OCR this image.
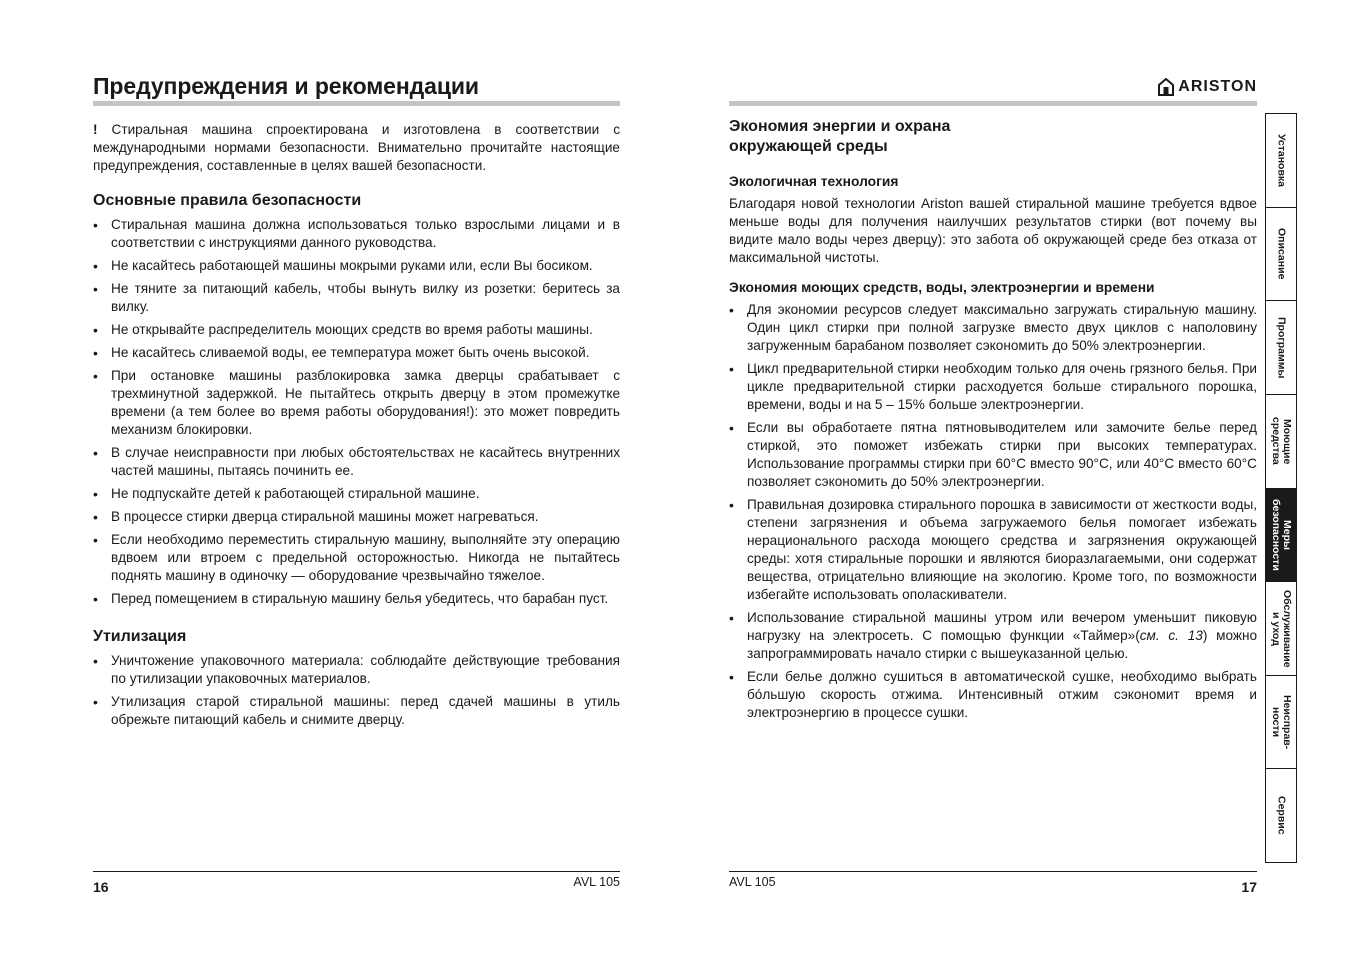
Предупреждения и рекомендации

! Стиральная машина спроектирована и изготовлена в соответствии с международными нормами безопасности. Внимательно прочитайте настоящие предупреждения, составленные в целях вашей безопасности.

Основные правила безопасности
• Стиральная машина должна использоваться только взрослыми лицами и в соответствии с инструкциями данного руководства.
• Не касайтесь работающей машины мокрыми руками или, если Вы босиком.
• Не тяните за питающий кабель, чтобы вынуть вилку из розетки: беритесь за вилку.
• Не открывайте распределитель моющих средств во время работы машины.
• Не касайтесь сливаемой воды, ее температура может быть очень высокой.
• При остановке машины разблокировка замка дверцы срабатывает с трехминутной задержкой. Не пытайтесь открыть дверцу в этом промежутке времени (а тем более во время работы оборудования!): это может повредить механизм блокировки.
• В случае неисправности при любых обстоятельствах не касайтесь внутренних частей машины, пытаясь починить ее.
• Не подпускайте детей к работающей стиральной машине.
• В процессе стирки дверца стиральной машины может нагреваться.
• Если необходимо переместить стиральную машину, выполняйте эту операцию вдвоем или втроем с предельной осторожностью. Никогда не пытайтесь поднять машину в одиночку — оборудование чрезвычайно тяжелое.
• Перед помещением в стиральную машину белья убедитесь, что барабан пуст.
Утилизация
• Уничтожение упаковочного материала: соблюдайте действующие требования по утилизации упаковочных материалов.
• Утилизация старой стиральной машины: перед сдачей машины в утиль обрежьте питающий кабель и снимите дверцу.
16	AVL 105
ARISTON
Экономия энергии и охрана
окружающей среды
Экологичная технология

Благодаря новой технологии Ariston вашей стиральной машине требуется вдвое меньше воды для получения наилучших результатов стирки (вот почему вы видите мало воды через дверцу): это забота об окружающей среде без отказа от максимальной чистоты.

Экономия моющих средств, воды, электроэнергии и времени
• Для экономии ресурсов следует максимально загружать стиральную машину. Один цикл стирки при полной загрузке вместо двух циклов с наполовину загруженным барабаном позволяет сэкономить до 50% электроэнергии.
• Цикл предварительной стирки необходим только для очень грязного белья. При цикле предварительной стирки расходуется больше стирального порошка, времени, воды и на 5 – 15% больше электроэнергии.
• Если вы обработаете пятна пятновыводителем или замочите белье перед стиркой, это поможет избежать стирки при высоких температурах. Использование программы стирки при 60°C вместо 90°C, или 40°C вместо 60°C позволяет сэкономить до 50% электроэнергии.
• Правильная дозировка стирального порошка в зависимости от жесткости воды, степени загрязнения и объема загружаемого белья помогает избежать нерационального расхода моющего средства и загрязнения окружающей среды: хотя стиральные порошки и являются биоразлагаемыми, они содержат вещества, отрицательно влияющие на экологию. Кроме того, по возможности избегайте использовать ополаскиватели.
• Использование стиральной машины утром или вечером уменьшит пиковую нагрузку на электросеть. С помощью функции «Таймер»(см. с. 13) можно запрограммировать начало стирки с вышеуказанной целью.
• Если белье должно сушиться в автоматической сушке, необходимо выбрать бóльшую скорость отжима. Интенсивный отжим сэкономит время и электроэнергию в процессе сушки.
AVL 105	17
Установка
Описание
Программы
Моющие
средства
Меры
безопасности
Обслуживание
и уход
Неисправ-
ности
Сервис
